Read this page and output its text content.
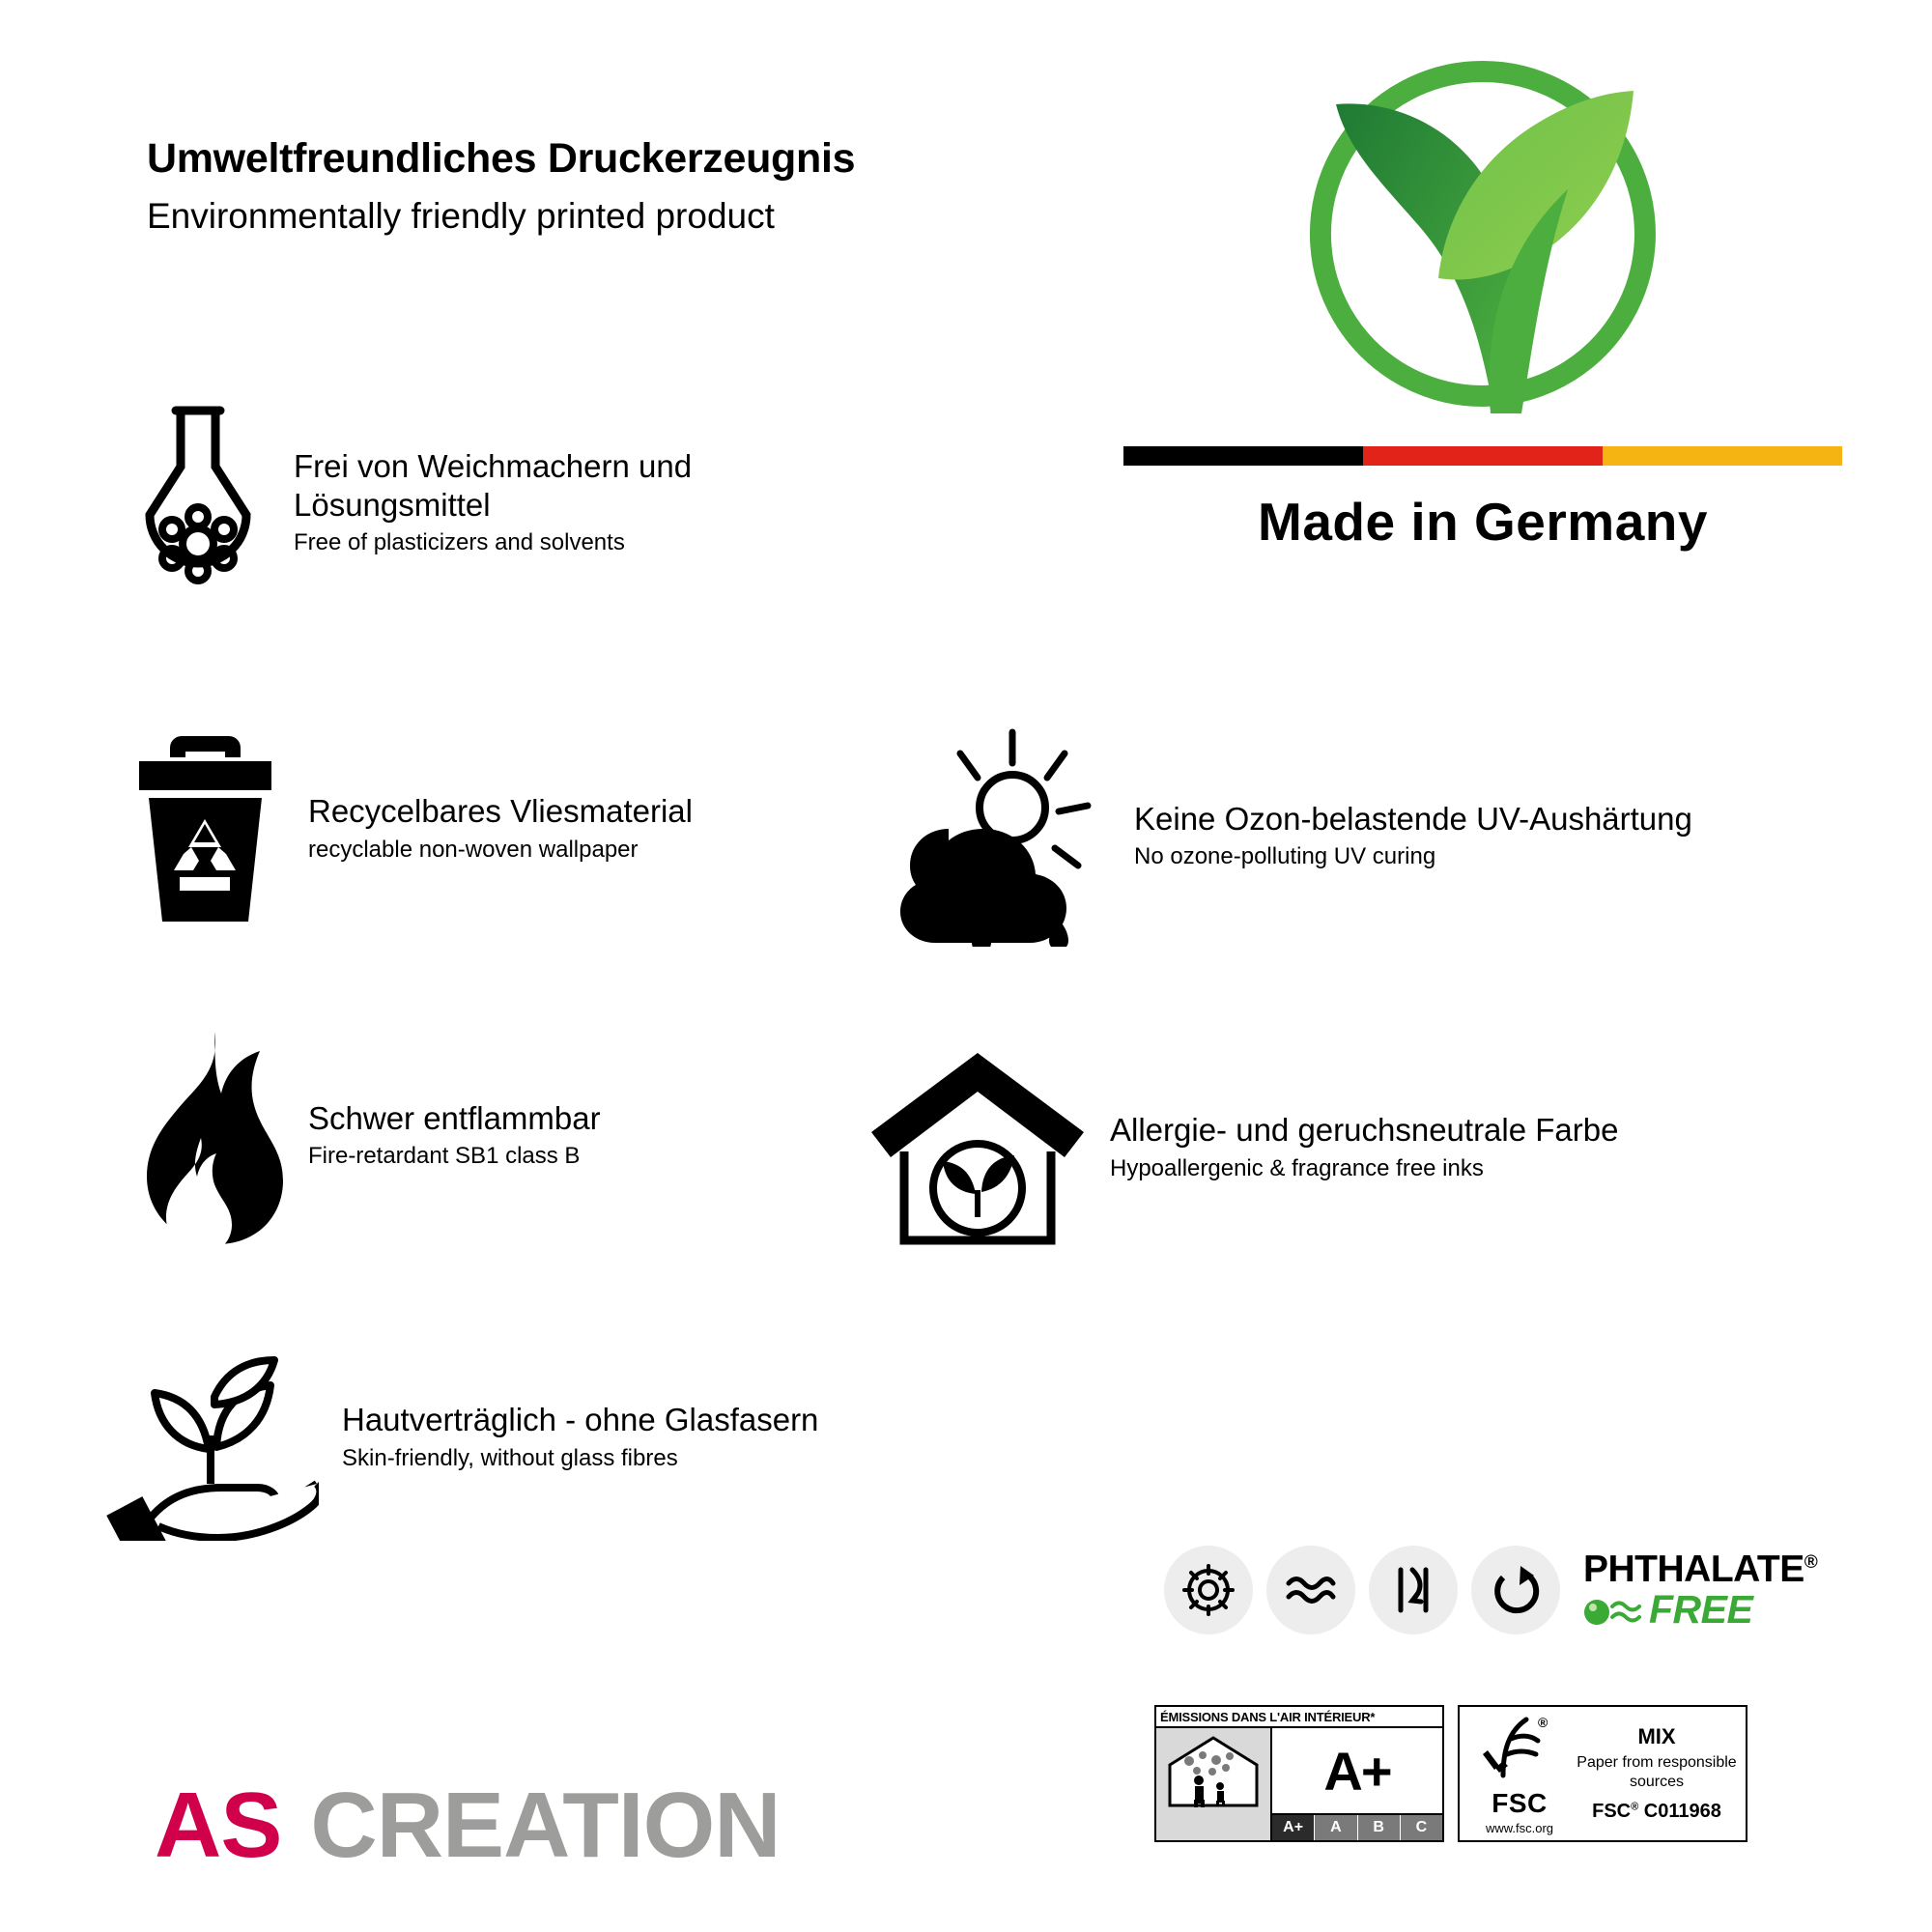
Umweltfreundliches Druckerzeugnis

Environmentally friendly printed product

Frei von Weichmachern und Lösungsmittel

Free of plasticizers and solvents

Recycelbares Vliesmaterial

recyclable non-woven wallpaper

Schwer entflammbar

Fire-retardant SB1 class B

Hautverträglich - ohne Glasfasern

Skin-friendly, without glass fibres

Keine Ozon-belastende UV-Aushärtung

No ozone-polluting UV curing

Allergie- und geruchsneutrale Farbe

Hypoallergenic & fragrance free inks

Made in Germany
PHTHALATE®
FREE
ÉMISSIONS DANS L'AIR INTÉRIEUR*
A+
A+	A	B	C
®
FSC
www.fsc.org
MIX
Paper from responsible sources
FSC® C011968
AS CREATION
